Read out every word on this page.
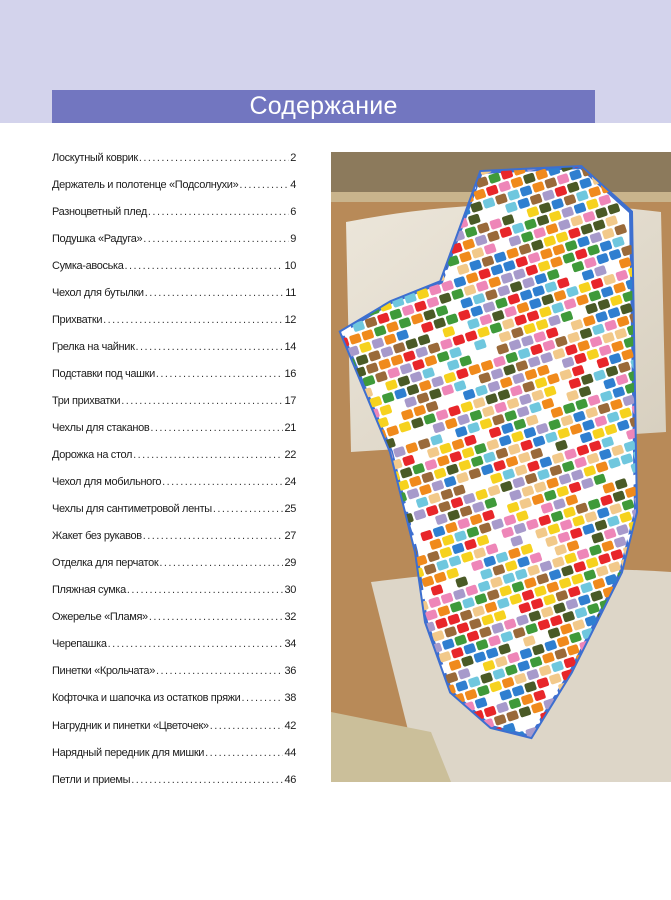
Содержание
Лоскутный коврик . . .	2
Держатель и полотенце «Подсолнухи» . . .	4
Разноцветный плед . . .	6
Подушка «Радуга» . . .	9
Сумка-авоська . . .	10
Чехол для бутылки . . .	11
Прихватки . . .	12
Грелка на чайник . . .	14
Подставки под чашки . . .	16
Три прихватки . . .	17
Чехлы для стаканов . . .	21
Дорожка на стол . . .	22
Чехол для мобильного . . .	24
Чехлы для сантиметровой ленты . . .	25
Жакет без рукавов . . .	27
Отделка для перчаток . . .	29
Пляжная сумка . . .	30
Ожерелье «Пламя» . . .	32
Черепашка . . .	34
Пинетки «Крольчата» . . .	36
Кофточка и шапочка из остатков пряжи . . .	38
Нагрудник и пинетки «Цветочек» . . .	42
Нарядный передник для мишки . . .	44
Петли и приемы . . .	46
